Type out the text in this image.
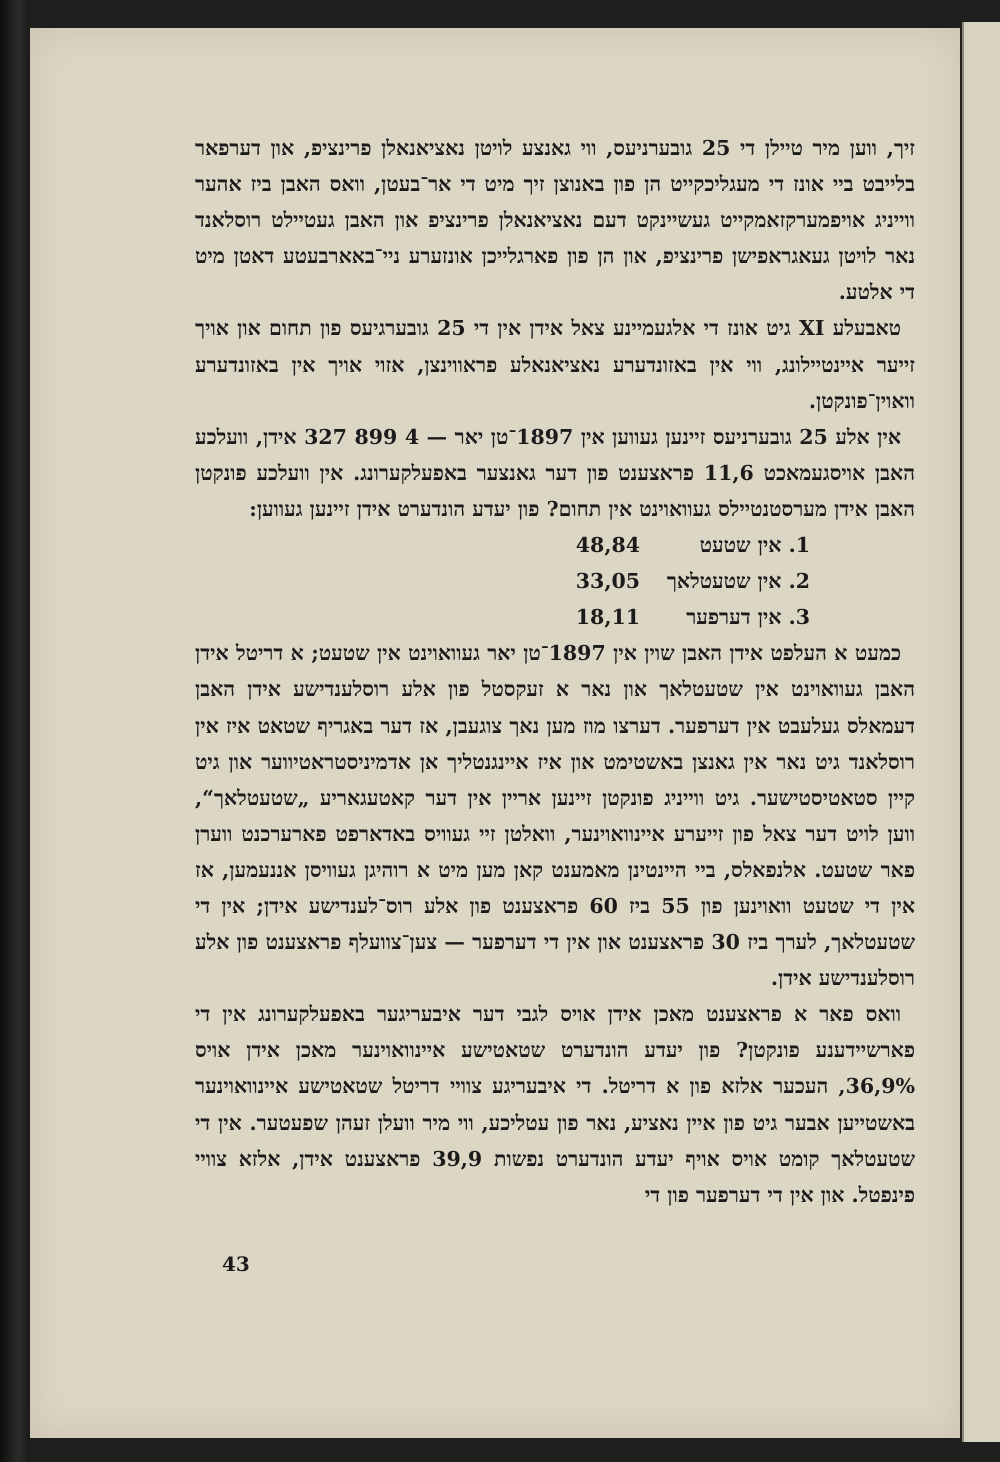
זיך, ווען מיר טיילן די 25 גובערניעס, ווי גאנצע לויטן נאציאנאלן פרינציפ, און דערפאר בלייבט ביי אונז די מעגליכקייט הן פון באנוצן זיך מיט די אר־בעטן, וואס האבן ביז אהער ווייניג אויפמערקזאמקייט געשיינקט דעם נאציאנאלן פרינציפ און האבן געטיילט רוסלאנד נאר לויטן געאגראפישן פרינציפ, און הן פון פארגלייכן אונזערע ניי־באארבעטע דאטן מיט די אלטע.

טאבעלע XI גיט אונז די אלגעמיינע צאל אידן אין די 25 גובערגיעס פון תחום און אויך זייער איינטיילונג, ווי אין באזונדערע נאציאנאלע פראווינצן, אזוי אויך אין באזונדערע וואוין־פונקטן.

אין אלע 25 גובערניעס זיינען געווען אין 1897־טן יאר — 4 899 327 אידן, וועלכע האבן אויסגעמאכט 11,6 פראצענט פון דער גאנצער באפעלקערונג. אין וועלכע פונקטן האבן אידן מערסטנטיילס געוואוינט אין תחום? פון יעדע הונדערט אידן זיינען געווען:

1. אין שטעט
48,84
2. אין שטעטלאך
33,05
3. אין דערפער
18,11

כמעט א העלפט אידן האבן שוין אין 1897־טן יאר געוואוינט אין שטעט; א דריטל אידן האבן געוואוינט אין שטעטלאך און נאר א זעקסטל פון אלע רוסלענדישע אידן האבן דעמאלס געלעבט אין דערפער. דערצו מוז מען נאך צוגעבן, אז דער באגריף שטאט איז אין רוסלאנד גיט נאר אין גאנצן באשטימט און איז איינגנטליך אן אדמיניסטראטיווער און גיט קיין סטאטיסטישער. גיט ווייניג פונקטן זיינען אריין אין דער קאטעגאריע „שטעטלאך“, ווען לויט דער צאל פון זייערע איינוואוינער, וואלטן זיי געוויס באדארפט פארערכנט ווערן פאר שטעט. אלנפאלס, ביי היינטינן מאמענט קאן מען מיט א רוהיגן געוויסן אננעמען, אז אין די שטעט וואוינען פון 55 ביז 60 פראצענט פון אלע רוס־לענדישע אידן; אין די שטעטלאך, לערך ביז 30 פראצענט און אין די דערפער — צען־צוועלף פראצענט פון אלע רוסלענדישע אידן.

וואס פאר א פראצענט מאכן אידן אויס לגבי דער איבעריגער באפעלקערונג אין די פארשיידענע פונקטן? פון יעדע הונדערט שטאטישע איינוואוינער מאכן אידן אויס 36,9%, העכער אלזא פון א דריטל. די איבעריגע צוויי דריטל שטאטישע איינוואוינער באשטייען אבער גיט פון איין נאציע, נאר פון עטליכע, ווי מיר וועלן זעהן שפעטער. אין די שטעטלאך קומט אויס אויף יעדע הונדערט נפשות 39,9 פראצענט אידן, אלזא צוויי פינפטל. און אין די דערפער פון די

43
